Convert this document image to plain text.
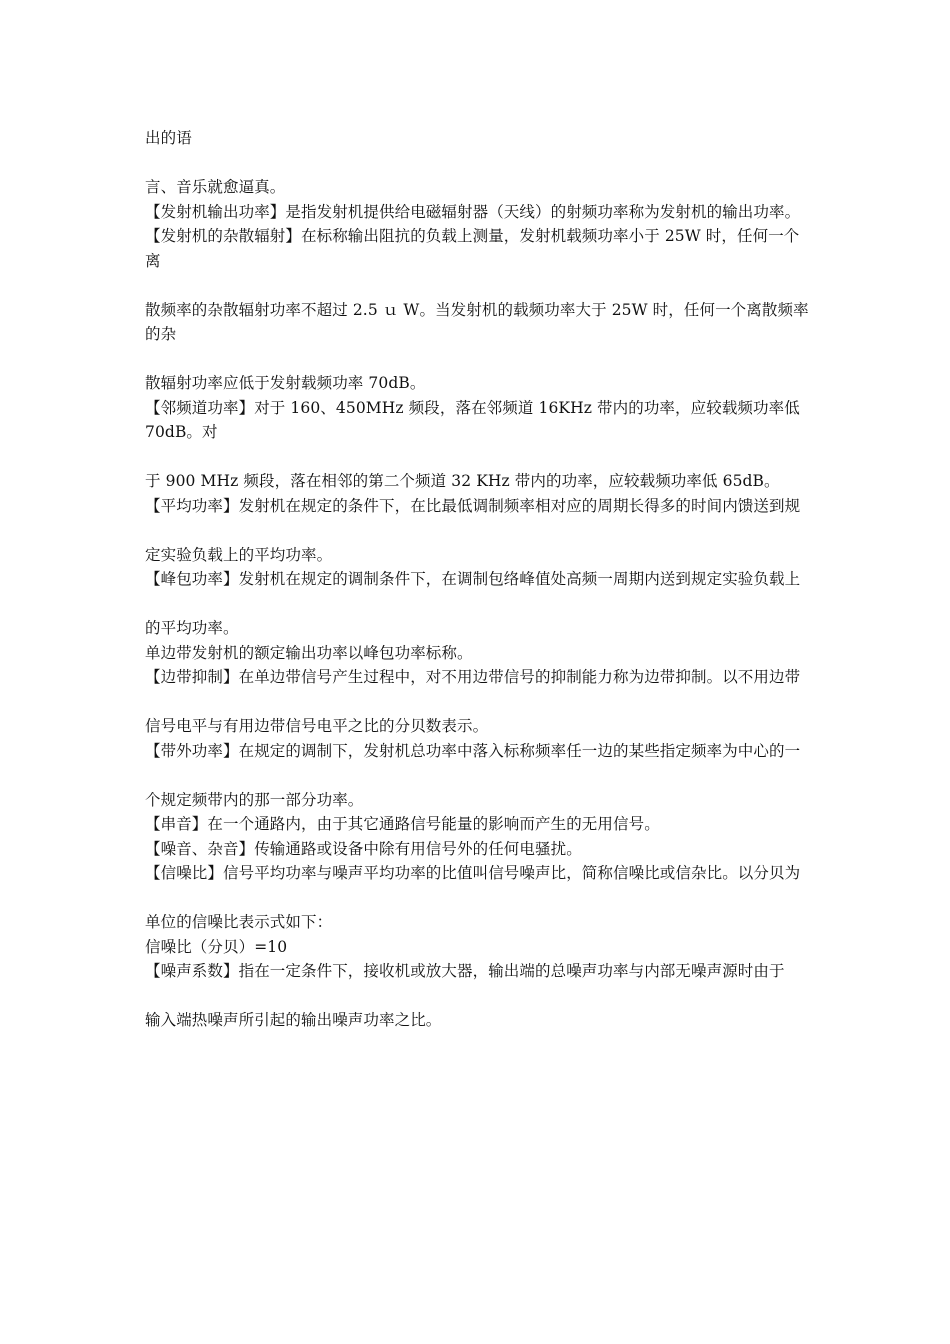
出的语

言、音乐就愈逼真。

【发射机输出功率】是指发射机提供给电磁辐射器（天线）的射频功率称为发射机的输出功率。

【发射机的杂散辐射】在标称输出阻抗的负载上测量，发射机载频功率小于 25W 时，任何一个离

散频率的杂散辐射功率不超过 2.5 ｕ W。当发射机的载频功率大于 25W 时，任何一个离散频率的杂

散辐射功率应低于发射载频功率 70dB。

【邻频道功率】对于 160、450MHz 频段，落在邻频道 16KHz 带内的功率，应较载频功率低 70dB。对

于 900 MHz 频段，落在相邻的第二个频道 32 KHz 带内的功率，应较载频功率低 65dB。

【平均功率】发射机在规定的条件下，在比最低调制频率相对应的周期长得多的时间内馈送到规

定实验负载上的平均功率。

【峰包功率】发射机在规定的调制条件下，在调制包络峰值处高频一周期内送到规定实验负载上

的平均功率。

单边带发射机的额定输出功率以峰包功率标称。

【边带抑制】在单边带信号产生过程中，对不用边带信号的抑制能力称为边带抑制。以不用边带

信号电平与有用边带信号电平之比的分贝数表示。

【带外功率】在规定的调制下，发射机总功率中落入标称频率任一边的某些指定频率为中心的一

个规定频带内的那一部分功率。

【串音】在一个通路内，由于其它通路信号能量的影响而产生的无用信号。

【噪音、杂音】传输通路或设备中除有用信号外的任何电骚扰。

【信噪比】信号平均功率与噪声平均功率的比值叫信号噪声比，简称信噪比或信杂比。以分贝为

单位的信噪比表示式如下：

信噪比（分贝）=10

【噪声系数】指在一定条件下，接收机或放大器，输出端的总噪声功率与内部无噪声源时由于

输入端热噪声所引起的输出噪声功率之比。
